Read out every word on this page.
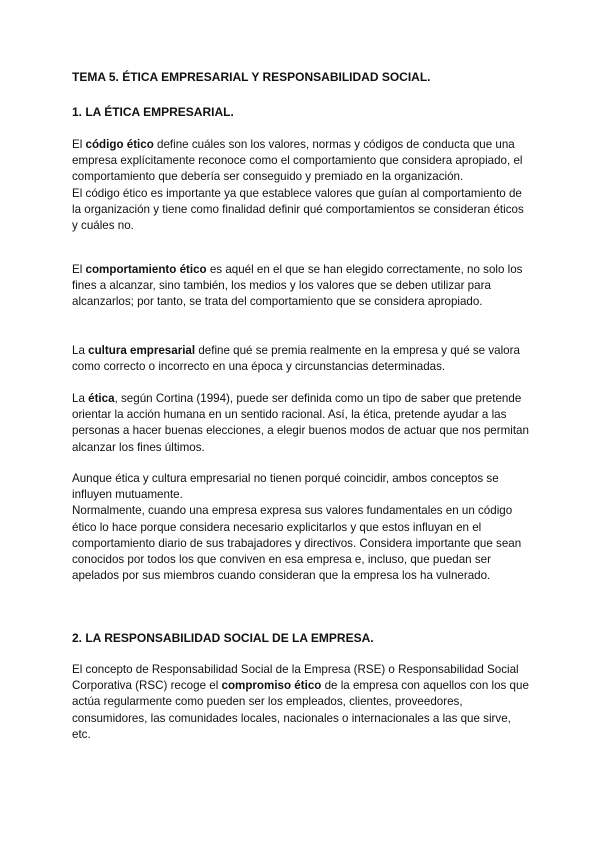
TEMA 5. ÉTICA EMPRESARIAL Y RESPONSABILIDAD SOCIAL.
1. LA ÉTICA EMPRESARIAL.

El código ético define cuáles son los valores, normas y códigos de conducta que una empresa explícitamente reconoce como el comportamiento que considera apropiado, el comportamiento que debería ser conseguido y premiado en la organización.

El código ético es importante ya que establece valores que guían al comportamiento de la organización y tiene como finalidad definir qué comportamientos se consideran éticos y cuáles no.

El comportamiento ético es aquél en el que se han elegido correctamente, no solo los fines a alcanzar, sino también, los medios y los valores que se deben utilizar para alcanzarlos; por tanto, se trata del comportamiento que se considera apropiado.

La cultura empresarial define qué se premia realmente en la empresa y qué se valora como correcto o incorrecto en una época y circunstancias determinadas.

La ética, según Cortina (1994), puede ser definida como un tipo de saber que pretende orientar la acción humana en un sentido racional. Así, la ética, pretende ayudar a las personas a hacer buenas elecciones, a elegir buenos modos de actuar que nos permitan alcanzar los fines últimos.

Aunque ética y cultura empresarial no tienen porqué coincidir, ambos conceptos se influyen mutuamente.

Normalmente, cuando una empresa expresa sus valores fundamentales en un código ético lo hace porque considera necesario explicitarlos y que estos influyan en el comportamiento diario de sus trabajadores y directivos. Considera importante que sean conocidos por todos los que conviven en esa empresa e, incluso, que puedan ser apelados por sus miembros cuando consideran que la empresa los ha vulnerado.

2. LA RESPONSABILIDAD SOCIAL DE LA EMPRESA.

El concepto de Responsabilidad Social de la Empresa (RSE) o Responsabilidad Social Corporativa (RSC) recoge el compromiso ético de la empresa con aquellos con los que actúa regularmente como pueden ser los empleados, clientes, proveedores, consumidores, las comunidades locales, nacionales o internacionales a las que sirve, etc.
